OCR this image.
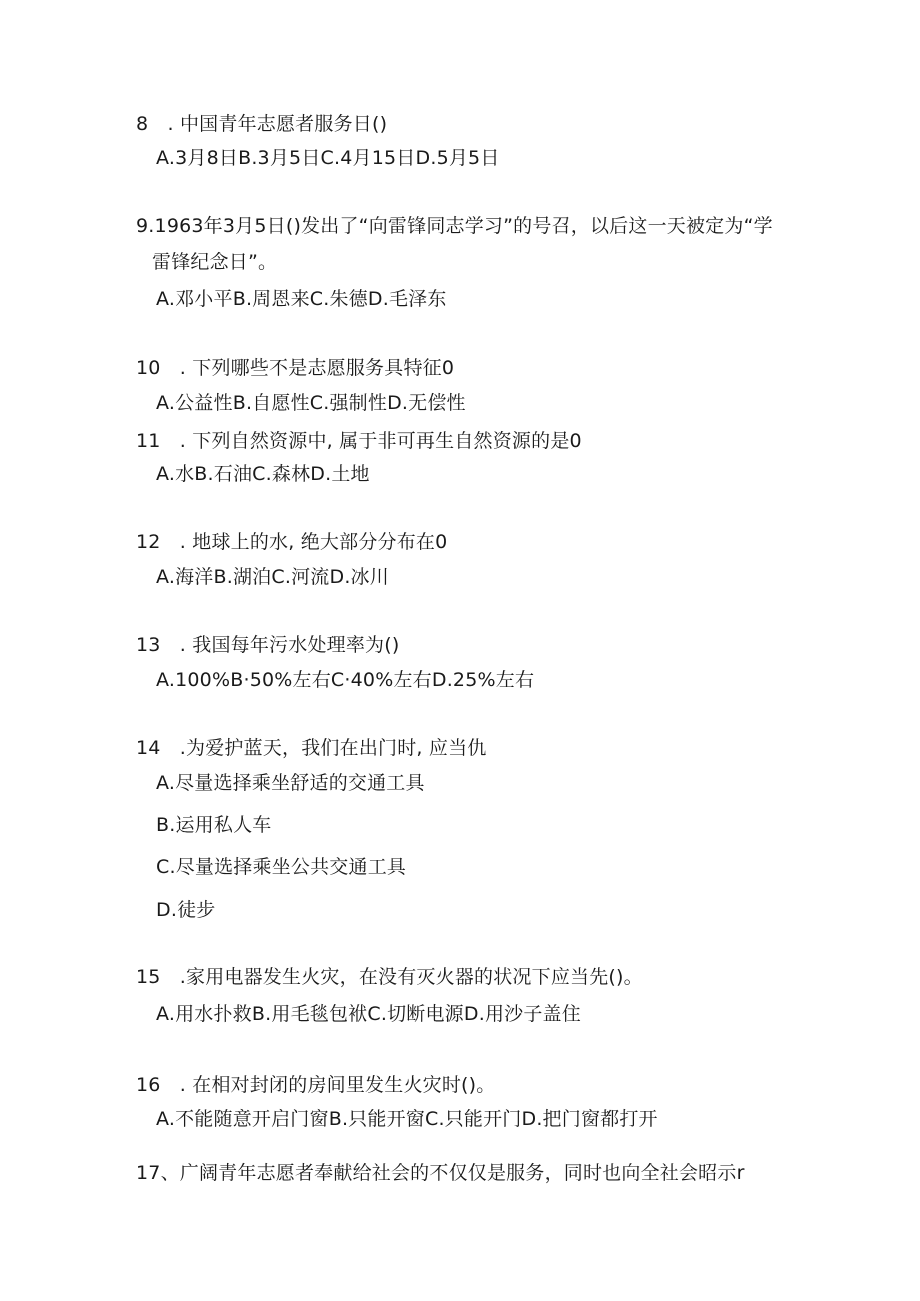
8　. 中国青年志愿者服务日()
A.3月8日B.3月5日C.4月15日D.5月5日
9.1963年3月5日()发出了“向雷锋同志学习”的号召，以后这一天被定为“学
雷锋纪念日”。
A.邓小平B.周恩来C.朱德D.毛泽东
10　. 下列哪些不是志愿服务具特征0
A.公益性B.自愿性C.强制性D.无偿性
11　. 下列自然资源中, 属于非可再生自然资源的是0
A.水B.石油C.森林D.土地
12　. 地球上的水, 绝大部分分布在0
A.海洋B.湖泊C.河流D.冰川
13　. 我国每年污水处理率为()
A.100%B·50%左右C·40%左右D.25%左右
14　.为爱护蓝天，我们在出门时, 应当仇
A.尽量选择乘坐舒适的交通工具
B.运用私人车
C.尽量选择乘坐公共交通工具
D.徒步
15　.家用电器发生火灾，在没有灭火器的状况下应当先()。
A.用水扑救B.用毛毯包袱C.切断电源D.用沙子盖住
16　. 在相对封闭的房间里发生火灾时()。
A.不能随意开启门窗B.只能开窗C.只能开门D.把门窗都打开
17、广阔青年志愿者奉献给社会的不仅仅是服务，同时也向全社会昭示r
